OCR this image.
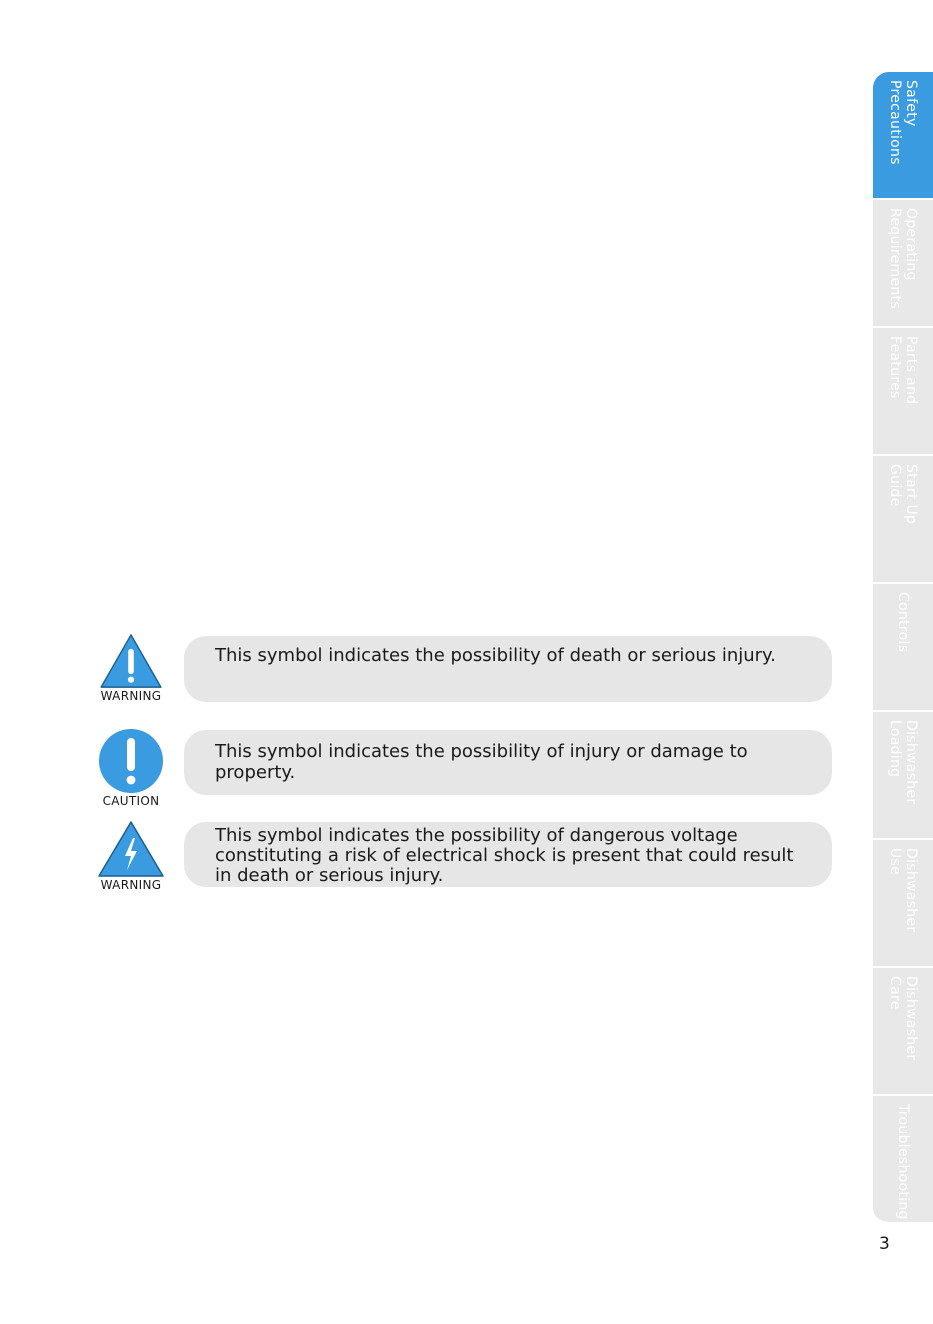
WARNING
This symbol indicates the possibility of death or serious injury.
CAUTION
This symbol indicates the possibility of injury or damage to property.
WARNING
This symbol indicates the possibility of dangerous voltage constituting a risk of electrical shock is present that could result in death or serious injury.
Safety
Precautions
Operating
Requirements
Parts and
Features
Start Up
Guide
Controls
Dishwasher
Loading
Dishwasher
Use
Dishwasher
Care
Troubleshooting
3
